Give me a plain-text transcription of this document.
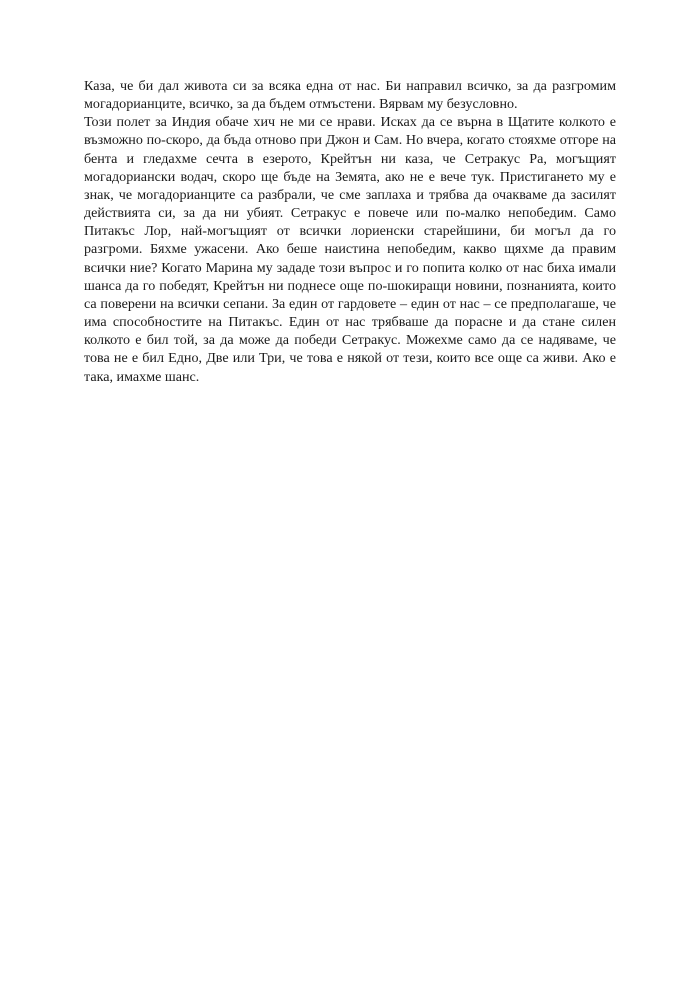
Каза, че би дал живота си за всяка една от нас. Би направил всичко, за да разгромим могадорианците, всичко, за да бъдем отмъстени. Вярвам му безусловно.

Този полет за Индия обаче хич не ми се нрави. Исках да се върна в Щатите колкото е възможно по-скоро, да бъда отново при Джон и Сам. Но вчера, когато стояхме отгоре на бента и гледахме сечта в езерото, Крейтън ни каза, че Сетракус Ра, могъщият могадориански водач, скоро ще бъде на Земята, ако не е вече тук. Пристигането му е знак, че могадорианците са разбрали, че сме заплаха и трябва да очакваме да засилят действията си, за да ни убият. Сетракус е повече или по-малко непобедим. Само Питакъс Лор, най-могъщият от всички лориенски старейшини, би могъл да го разгроми. Бяхме ужасени. Ако беше наистина непобедим, какво щяхме да правим всички ние? Когато Марина му зададе този въпрос и го попита колко от нас биха имали шанса да го победят, Крейтън ни поднесе още по-шокиращи новини, познанията, които са поверени на всички сепани. За един от гардовете – един от нас – се предполагаше, че има способностите на Питакъс. Един от нас трябваше да порасне и да стане силен колкото е бил той, за да може да победи Сетракус. Можехме само да се надяваме, че това не е бил Едно, Две или Три, че това е някой от тези, които все още са живи. Ако е така, имахме шанс.
